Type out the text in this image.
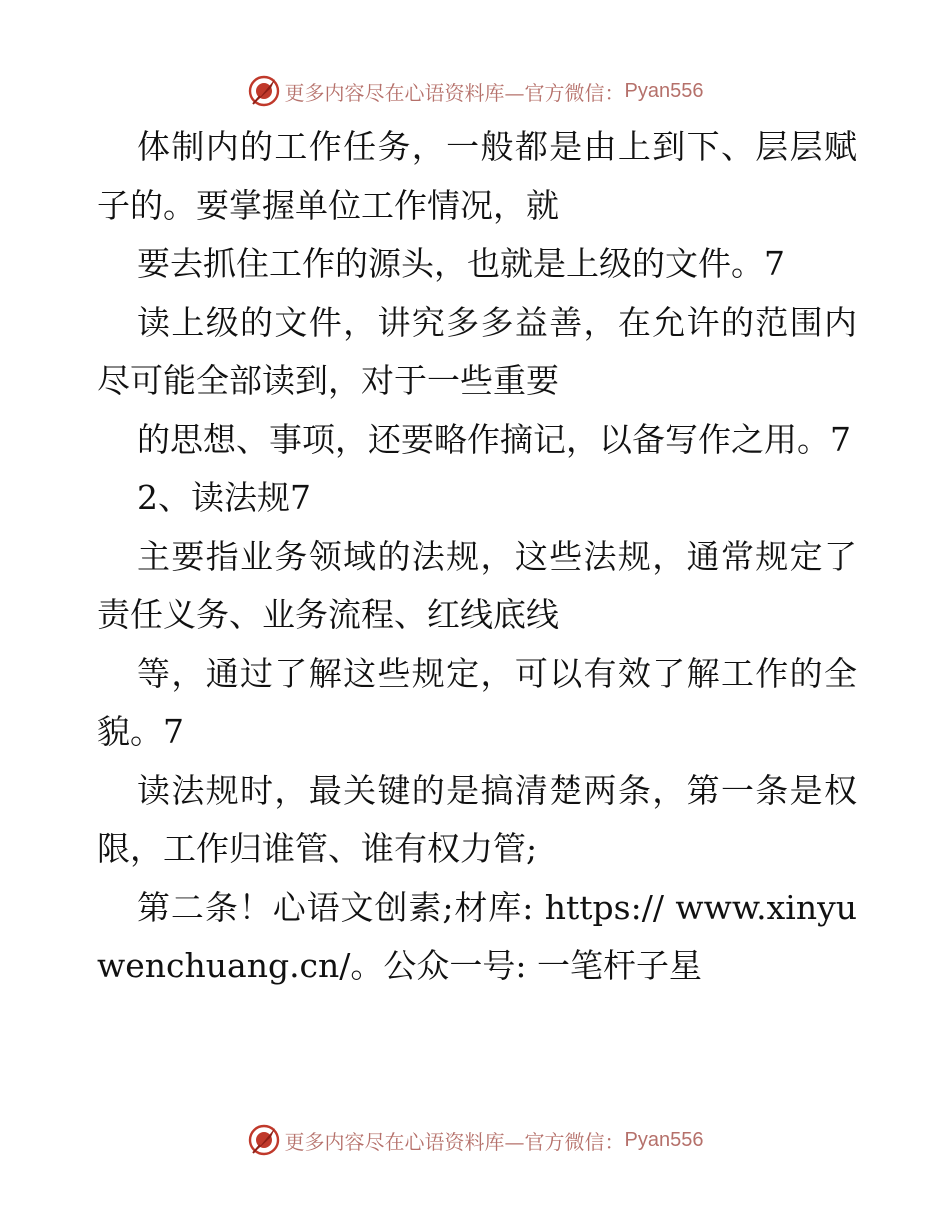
更多内容尽在心语资料库—官方微信： Pyan556

体制内的工作任务，一般都是由上到下、层层赋子的。要掌握单位工作情况，就

要去抓住工作的源头，也就是上级的文件。7

读上级的文件，讲究多多益善，在允许的范围内尽可能全部读到，对于一些重要

的思想、事项，还要略作摘记，以备写作之用。7

2、读法规7

主要指业务领域的法规，这些法规，通常规定了责任义务、业务流程、红线底线

等，通过了解这些规定，可以有效了解工作的全貌。7

读法规时，最关键的是搞清楚两条，第一条是权限，工作归谁管、谁有权力管;

第二条！心语文创素;材库: https:// www.xinyuwenchuang.cn/。公众一号: 一笔杆子星

更多内容尽在心语资料库—官方微信： Pyan556
